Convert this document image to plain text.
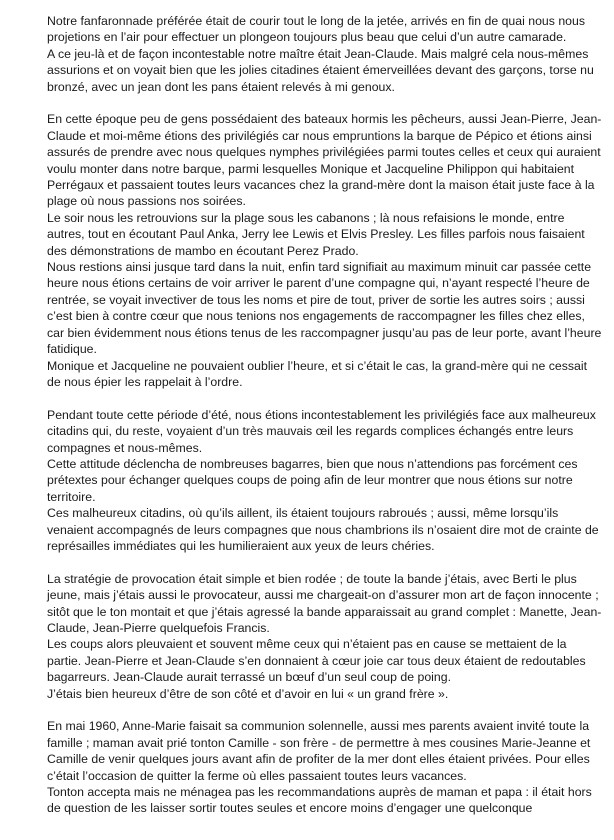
Notre fanfaronnade préférée était de courir tout le long de la jetée, arrivés en fin de quai nous nous projetions en l’air pour effectuer un plongeon toujours plus beau que celui d’un autre camarade.

A ce jeu-là et de façon incontestable notre maître était Jean-Claude. Mais malgré cela nous-mêmes assurions et on voyait bien que les jolies citadines étaient émerveillées devant des garçons, torse nu bronzé, avec un jean dont les pans étaient relevés à mi genoux.

En cette époque peu de gens possédaient des bateaux hormis les pêcheurs, aussi Jean-Pierre, Jean-Claude et moi-même étions des privilégiés car nous empruntions la barque de Pépico et étions ainsi assurés de prendre avec nous quelques nymphes privilégiées parmi toutes celles et ceux qui auraient voulu monter dans notre barque, parmi lesquelles Monique et Jacqueline Philippon qui habitaient Perrégaux et passaient toutes leurs vacances chez la grand-mère dont la maison était juste face à la plage où nous passions nos soirées.

Le soir nous les retrouvions sur la plage sous les cabanons ; là nous refaisions le monde, entre autres, tout en écoutant Paul Anka, Jerry lee Lewis et Elvis Presley. Les filles parfois nous faisaient des démonstrations de mambo en écoutant Perez Prado.

Nous restions ainsi jusque tard dans la nuit, enfin tard signifiait au maximum minuit car passée cette heure nous étions certains de voir arriver le parent d’une compagne qui, n’ayant respecté l’heure de rentrée, se voyait invectiver de tous les noms et pire de tout, priver de sortie les autres soirs ; aussi c’est bien à contre cœur que nous tenions nos engagements de raccompagner les filles chez elles, car bien évidemment nous étions tenus de les raccompagner jusqu’au pas de leur porte, avant l’heure fatidique.

Monique et Jacqueline ne pouvaient oublier l’heure, et si c’était le cas, la grand-mère qui ne cessait de nous épier les rappelait à l’ordre.

Pendant toute cette période d’été, nous étions incontestablement les privilégiés face aux malheureux citadins qui, du reste, voyaient d’un très mauvais œil les regards complices échangés entre leurs compagnes et nous-mêmes.

Cette attitude déclencha de nombreuses bagarres, bien que nous n’attendions pas forcément ces prétextes pour échanger quelques coups de poing afin de leur montrer que nous étions sur notre territoire.

Ces malheureux citadins, où qu’ils aillent, ils étaient toujours rabroués ; aussi, même lorsqu’ils venaient accompagnés de leurs compagnes que nous chambrions ils n’osaient dire mot de crainte de représailles immédiates qui les humilieraient aux yeux de leurs chéries.

La stratégie de provocation était simple et bien rodée ; de toute la bande j’étais, avec Berti le plus jeune, mais j’étais aussi le provocateur, aussi me chargeait-on d’assurer mon art de façon innocente ; sitôt que le ton montait et que j’étais agressé la bande apparaissait au grand complet : Manette, Jean-Claude, Jean-Pierre quelquefois Francis.

Les coups alors pleuvaient et souvent même ceux qui n’étaient pas en cause se mettaient de la partie. Jean-Pierre et Jean-Claude s’en donnaient à cœur joie car tous deux étaient de redoutables bagarreurs. Jean-Claude aurait terrassé un bœuf d’un seul coup de poing.

J’étais bien heureux d’être de son côté et d’avoir en lui « un grand frère ».

En mai 1960, Anne-Marie faisait sa communion solennelle, aussi mes parents avaient invité toute la famille ; maman avait prié tonton Camille - son frère - de permettre à mes cousines Marie-Jeanne et Camille de venir quelques jours avant afin de profiter de la mer dont elles étaient privées. Pour elles c’était l’occasion de quitter la ferme où elles passaient toutes leurs vacances.

Tonton accepta mais ne ménagea pas les recommandations auprès de maman et papa : il était hors de question de les laisser sortir toutes seules et encore moins d’engager une quelconque
